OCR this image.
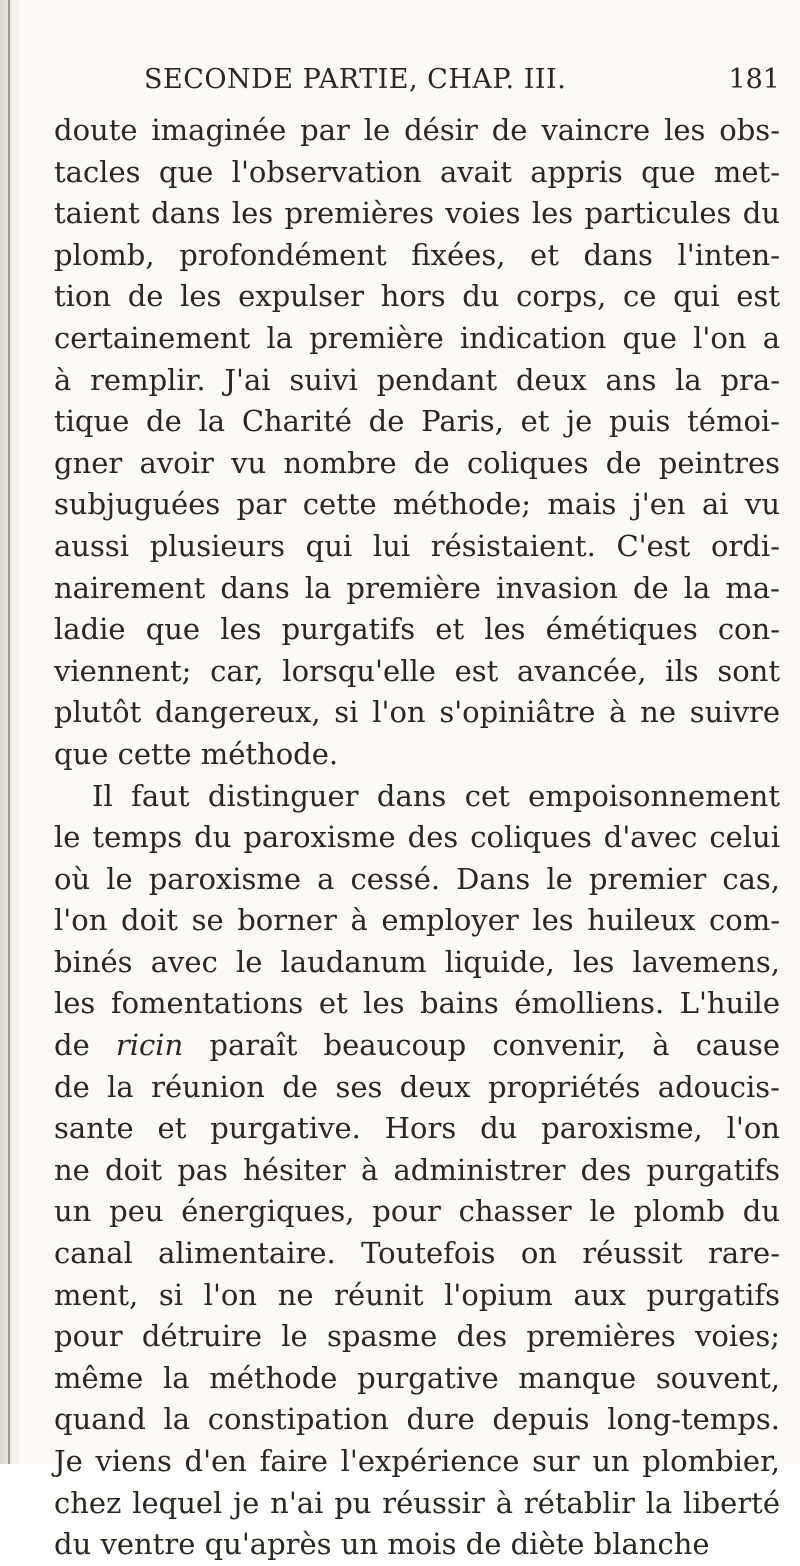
SECONDE PARTIE, CHAP. III.	181
doute imaginée par le désir de vaincre les obs-
tacles que l'observation avait appris que met-
taient dans les premières voies les particules du
plomb, profondément fixées, et dans l'inten-
tion de les expulser hors du corps, ce qui est
certainement la première indication que l'on a
à remplir. J'ai suivi pendant deux ans la pra-
tique de la Charité de Paris, et je puis témoi-
gner avoir vu nombre de coliques de peintres
subjuguées par cette méthode; mais j'en ai vu
aussi plusieurs qui lui résistaient. C'est ordi-
nairement dans la première invasion de la ma-
ladie que les purgatifs et les émétiques con-
viennent; car, lorsqu'elle est avancée, ils sont
plutôt dangereux, si l'on s'opiniâtre à ne suivre
que cette méthode.
Il faut distinguer dans cet empoisonnement
le temps du paroxisme des coliques d'avec celui
où le paroxisme a cessé. Dans le premier cas,
l'on doit se borner à employer les huileux com-
binés avec le laudanum liquide, les lavemens,
les fomentations et les bains émolliens. L'huile
de ricin paraît beaucoup convenir, à cause
de la réunion de ses deux propriétés adoucis-
sante et purgative. Hors du paroxisme, l'on
ne doit pas hésiter à administrer des purgatifs
un peu énergiques, pour chasser le plomb du
canal alimentaire. Toutefois on réussit rare-
ment, si l'on ne réunit l'opium aux purgatifs
pour détruire le spasme des premières voies;
même la méthode purgative manque souvent,
quand la constipation dure depuis long-temps.
Je viens d'en faire l'expérience sur un plombier,
chez lequel je n'ai pu réussir à rétablir la liberté
du ventre qu'après un mois de diète blanche
